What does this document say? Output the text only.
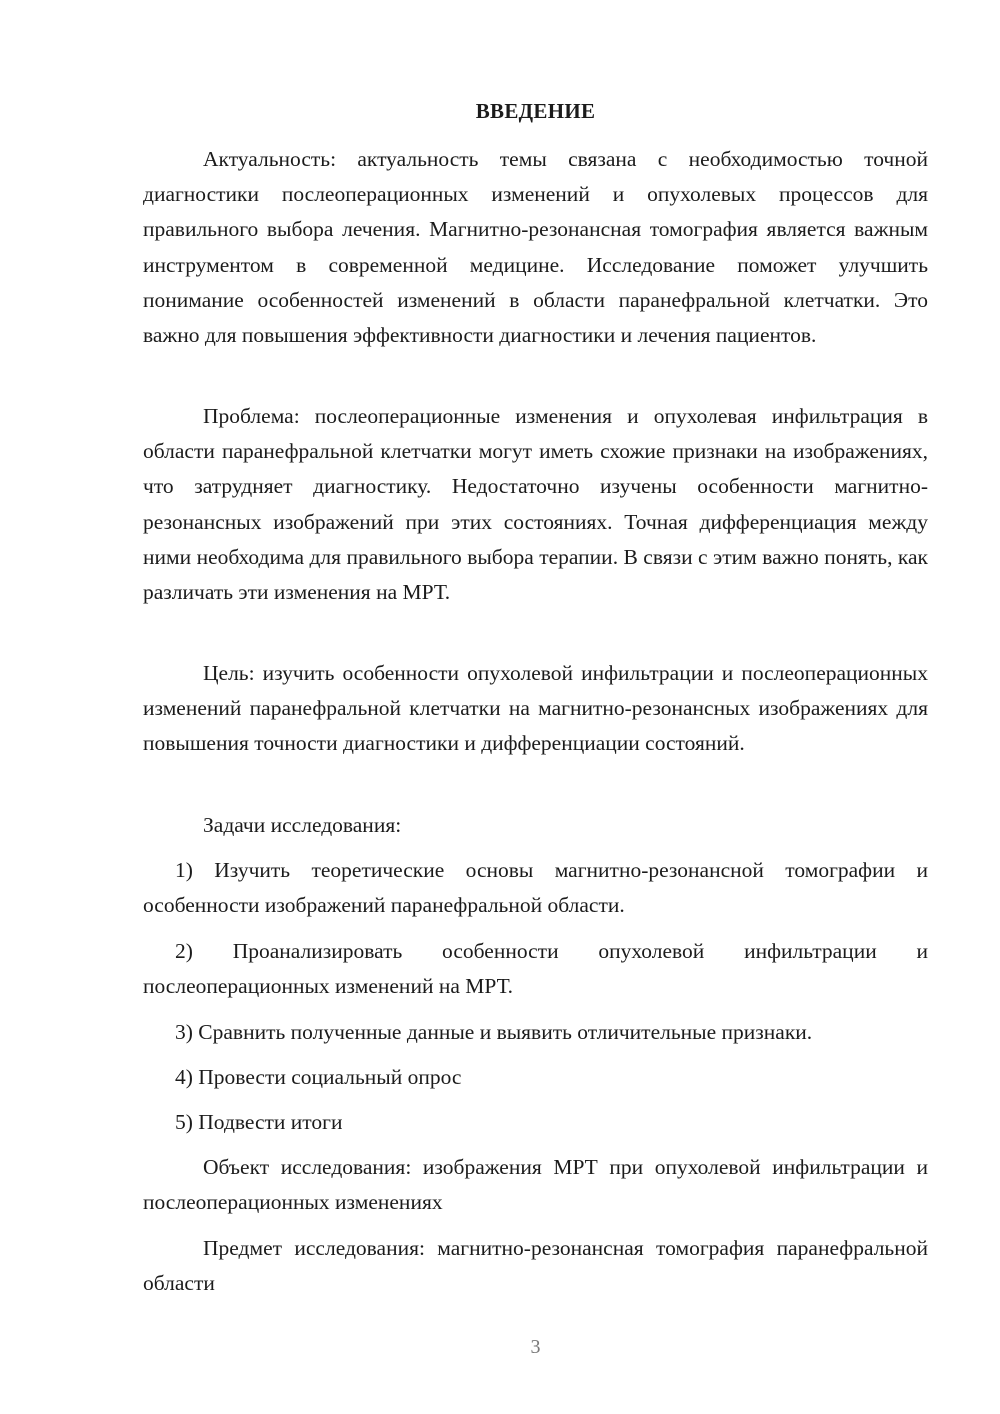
ВВЕДЕНИЕ

Актуальность: актуальность темы связана с необходимостью точной диагностики послеоперационных изменений и опухолевых процессов для правильного выбора лечения. Магнитно-резонансная томография является важным инструментом в современной медицине. Исследование поможет улучшить понимание особенностей изменений в области паранефральной клетчатки. Это важно для повышения эффективности диагностики и лечения пациентов.

Проблема: послеоперационные изменения и опухолевая инфильтрация в области паранефральной клетчатки могут иметь схожие признаки на изображениях, что затрудняет диагностику. Недостаточно изучены особенности магнитно-резонансных изображений при этих состояниях. Точная дифференциация между ними необходима для правильного выбора терапии. В связи с этим важно понять, как различать эти изменения на МРТ.

Цель: изучить особенности опухолевой инфильтрации и послеоперационных изменений паранефральной клетчатки на магнитно-резонансных изображениях для повышения точности диагностики и дифференциации состояний.

Задачи исследования:

1) Изучить теоретические основы магнитно-резонансной томографии и особенности изображений паранефральной области.

2) Проанализировать особенности опухолевой инфильтрации и послеоперационных изменений на МРТ.

3) Сравнить полученные данные и выявить отличительные признаки.

4) Провести социальный опрос

5) Подвести итоги

Объект исследования: изображения МРТ при опухолевой инфильтрации и послеоперационных изменениях

Предмет исследования: магнитно-резонансная томография паранефральной области

3
